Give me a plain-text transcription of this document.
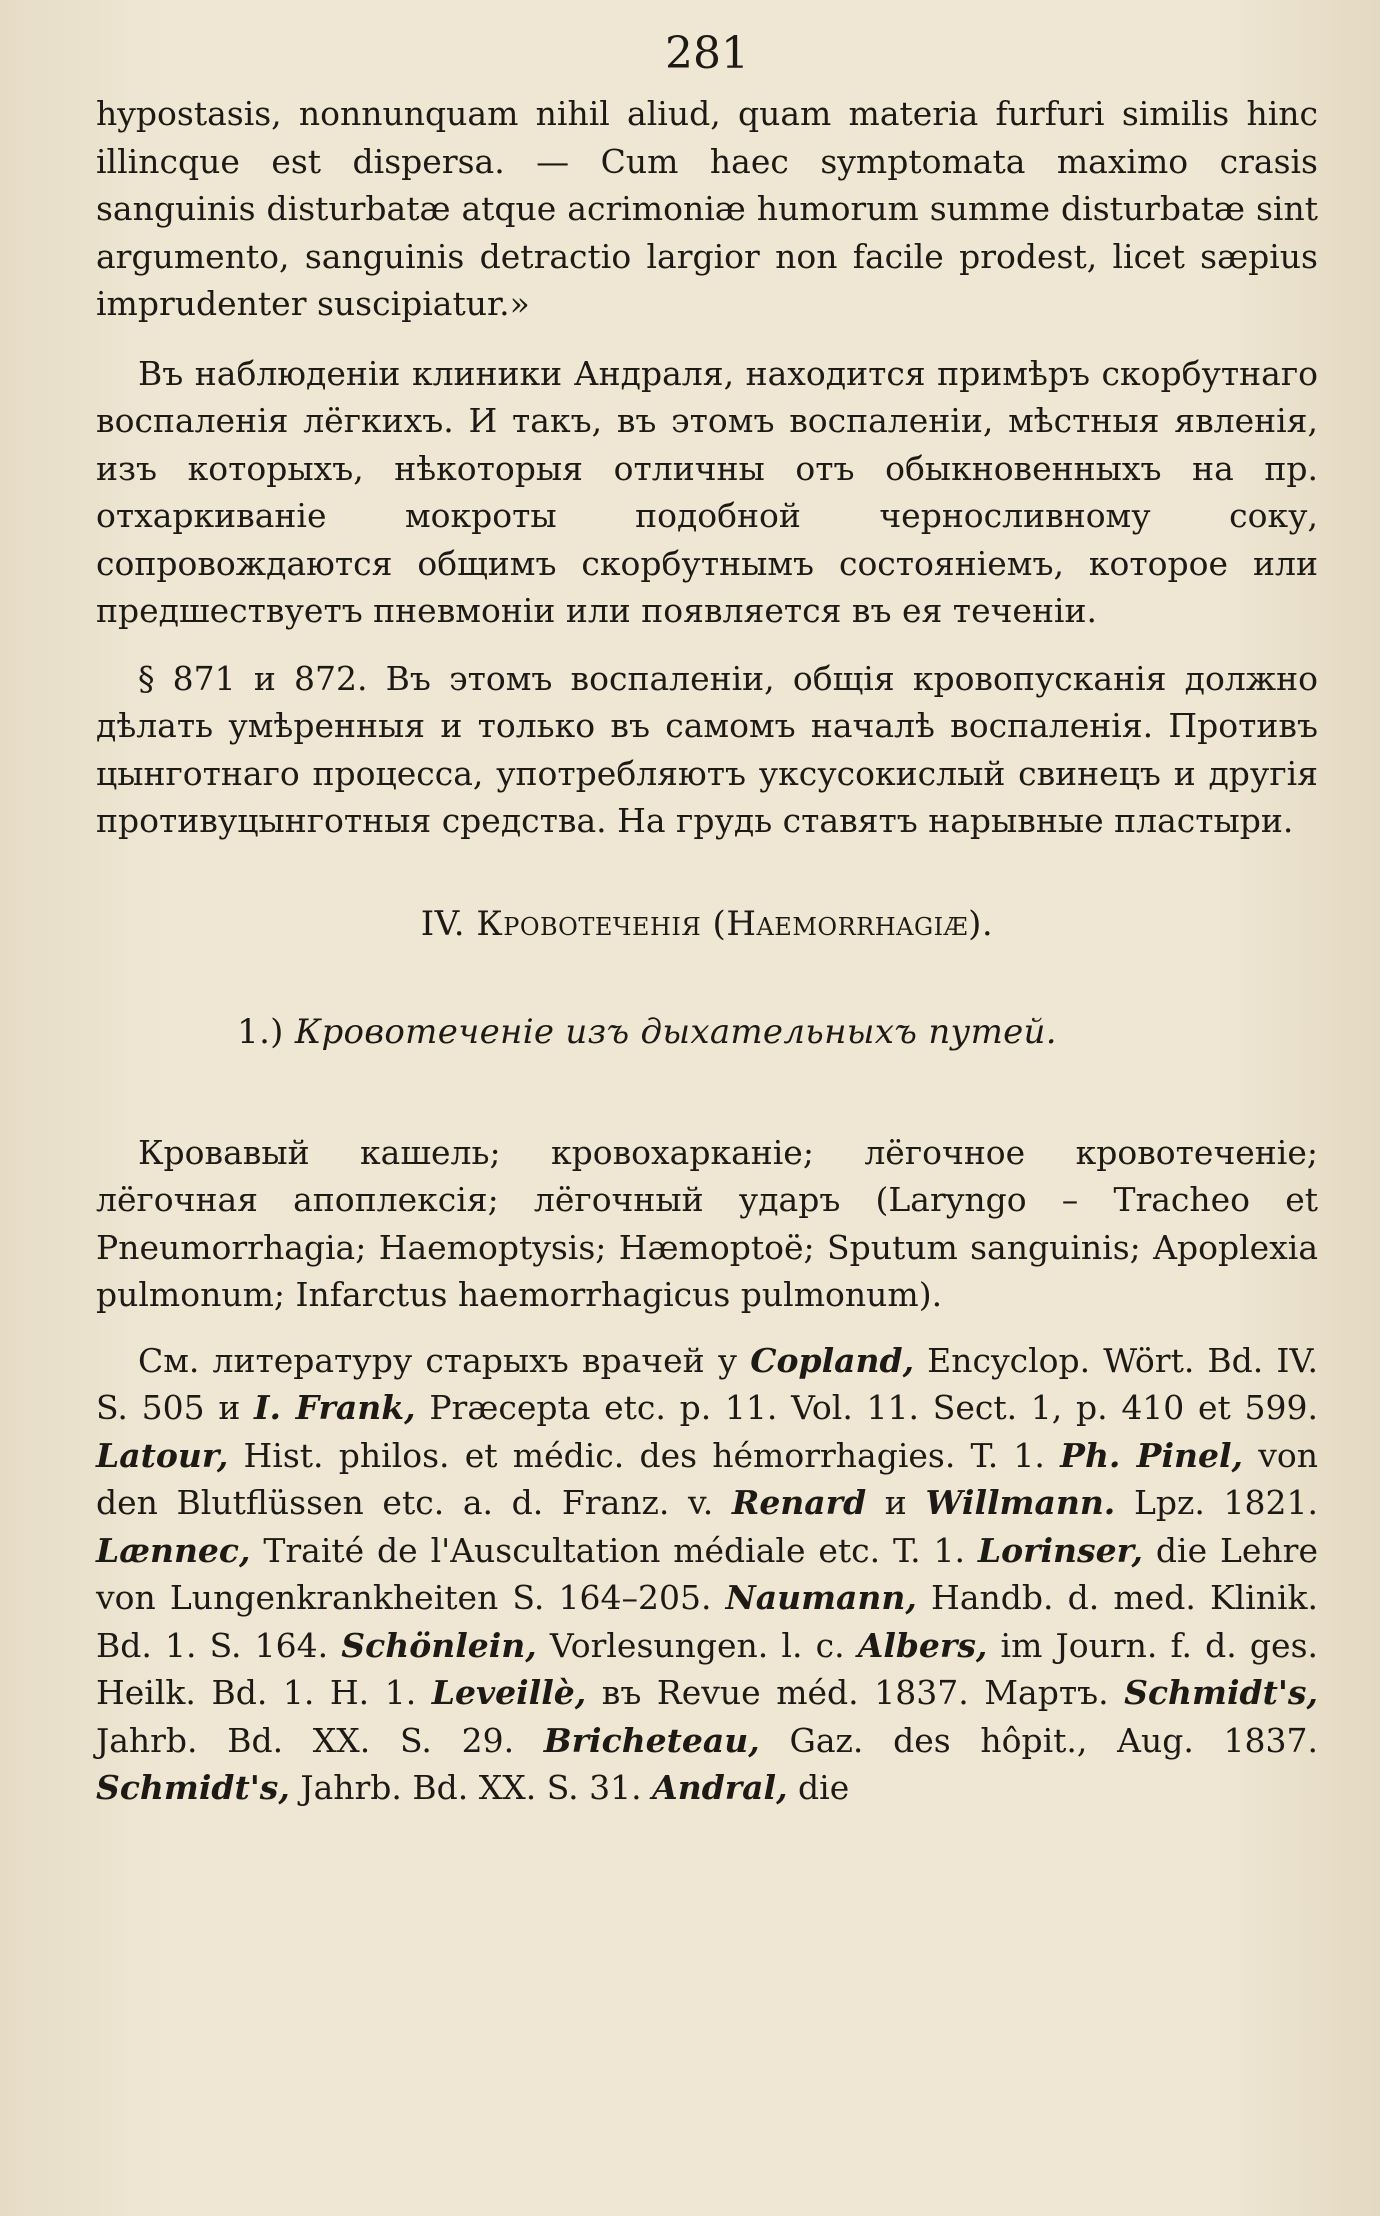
281

hypostasis, nonnunquam nihil aliud, quam materia furfuri similis hinc illincque est dispersa. — Cum haec symptomata maximo crasis sanguinis disturbatæ atque acrimoniæ humorum summe disturbatæ sint argumento, sanguinis detractio largior non facile prodest, licet sæpius imprudenter suscipiatur.»

Въ наблюденіи клиники Андраля, находится примѣръ скорбутнаго воспаленія лёгкихъ. И такъ, въ этомъ воспаленіи, мѣстныя явленія, изъ которыхъ, нѣкоторыя отличны отъ обыкновенныхъ на пр. отхаркиваніе мокроты подобной черносливному соку, сопровождаются общимъ скорбутнымъ состояніемъ, которое или предшествуетъ пневмоніи или появляется въ ея теченіи.

§ 871 и 872. Въ этомъ воспаленіи, общія кровопусканія должно дѣлать умѣренныя и только въ самомъ началѣ воспаленія. Противъ цынготнаго процесса, употребляютъ уксусокислый свинецъ и другія противуцынготныя средства. На грудь ставятъ нарывные пластыри.

IV. Кровотеченія (Haemorrhagiæ).
1.) Кровотеченіе изъ дыхательныхъ путей.

Кровавый кашель; кровохарканіе; лёгочное кровотеченіе; лёгочная апоплексія; лёгочный ударъ (Laryngo – Tracheo et Pneumorrhagia; Haemoptysis; Hæmoptoë; Sputum sanguinis; Apoplexia pulmonum; Infarctus haemorrhagicus pulmonum).

См. литературу старыхъ врачей у Copland, Encyclop. Wört. Bd. IV. S. 505 и I. Frank, Præcepta etc. p. 11. Vol. 11. Sect. 1, p. 410 et 599. Latour, Hist. philos. et médic. des hémorrhagies. T. 1. Ph. Pinel, von den Blutflüssen etc. a. d. Franz. v. Renard и Willmann. Lpz. 1821. Lænnec, Traité de l'Auscultation médiale etc. T. 1. Lorinser, die Lehre von Lungenkrankheiten S. 164–205. Naumann, Handb. d. med. Klinik. Bd. 1. S. 164. Schönlein, Vorlesungen. l. c. Albers, im Journ. f. d. ges. Heilk. Bd. 1. H. 1. Leveillè, въ Revue méd. 1837. Мартъ. Schmidt's, Jahrb. Bd. XX. S. 29. Bricheteau, Gaz. des hôpit., Aug. 1837. Schmidt's, Jahrb. Bd. XX. S. 31. Andral, die
